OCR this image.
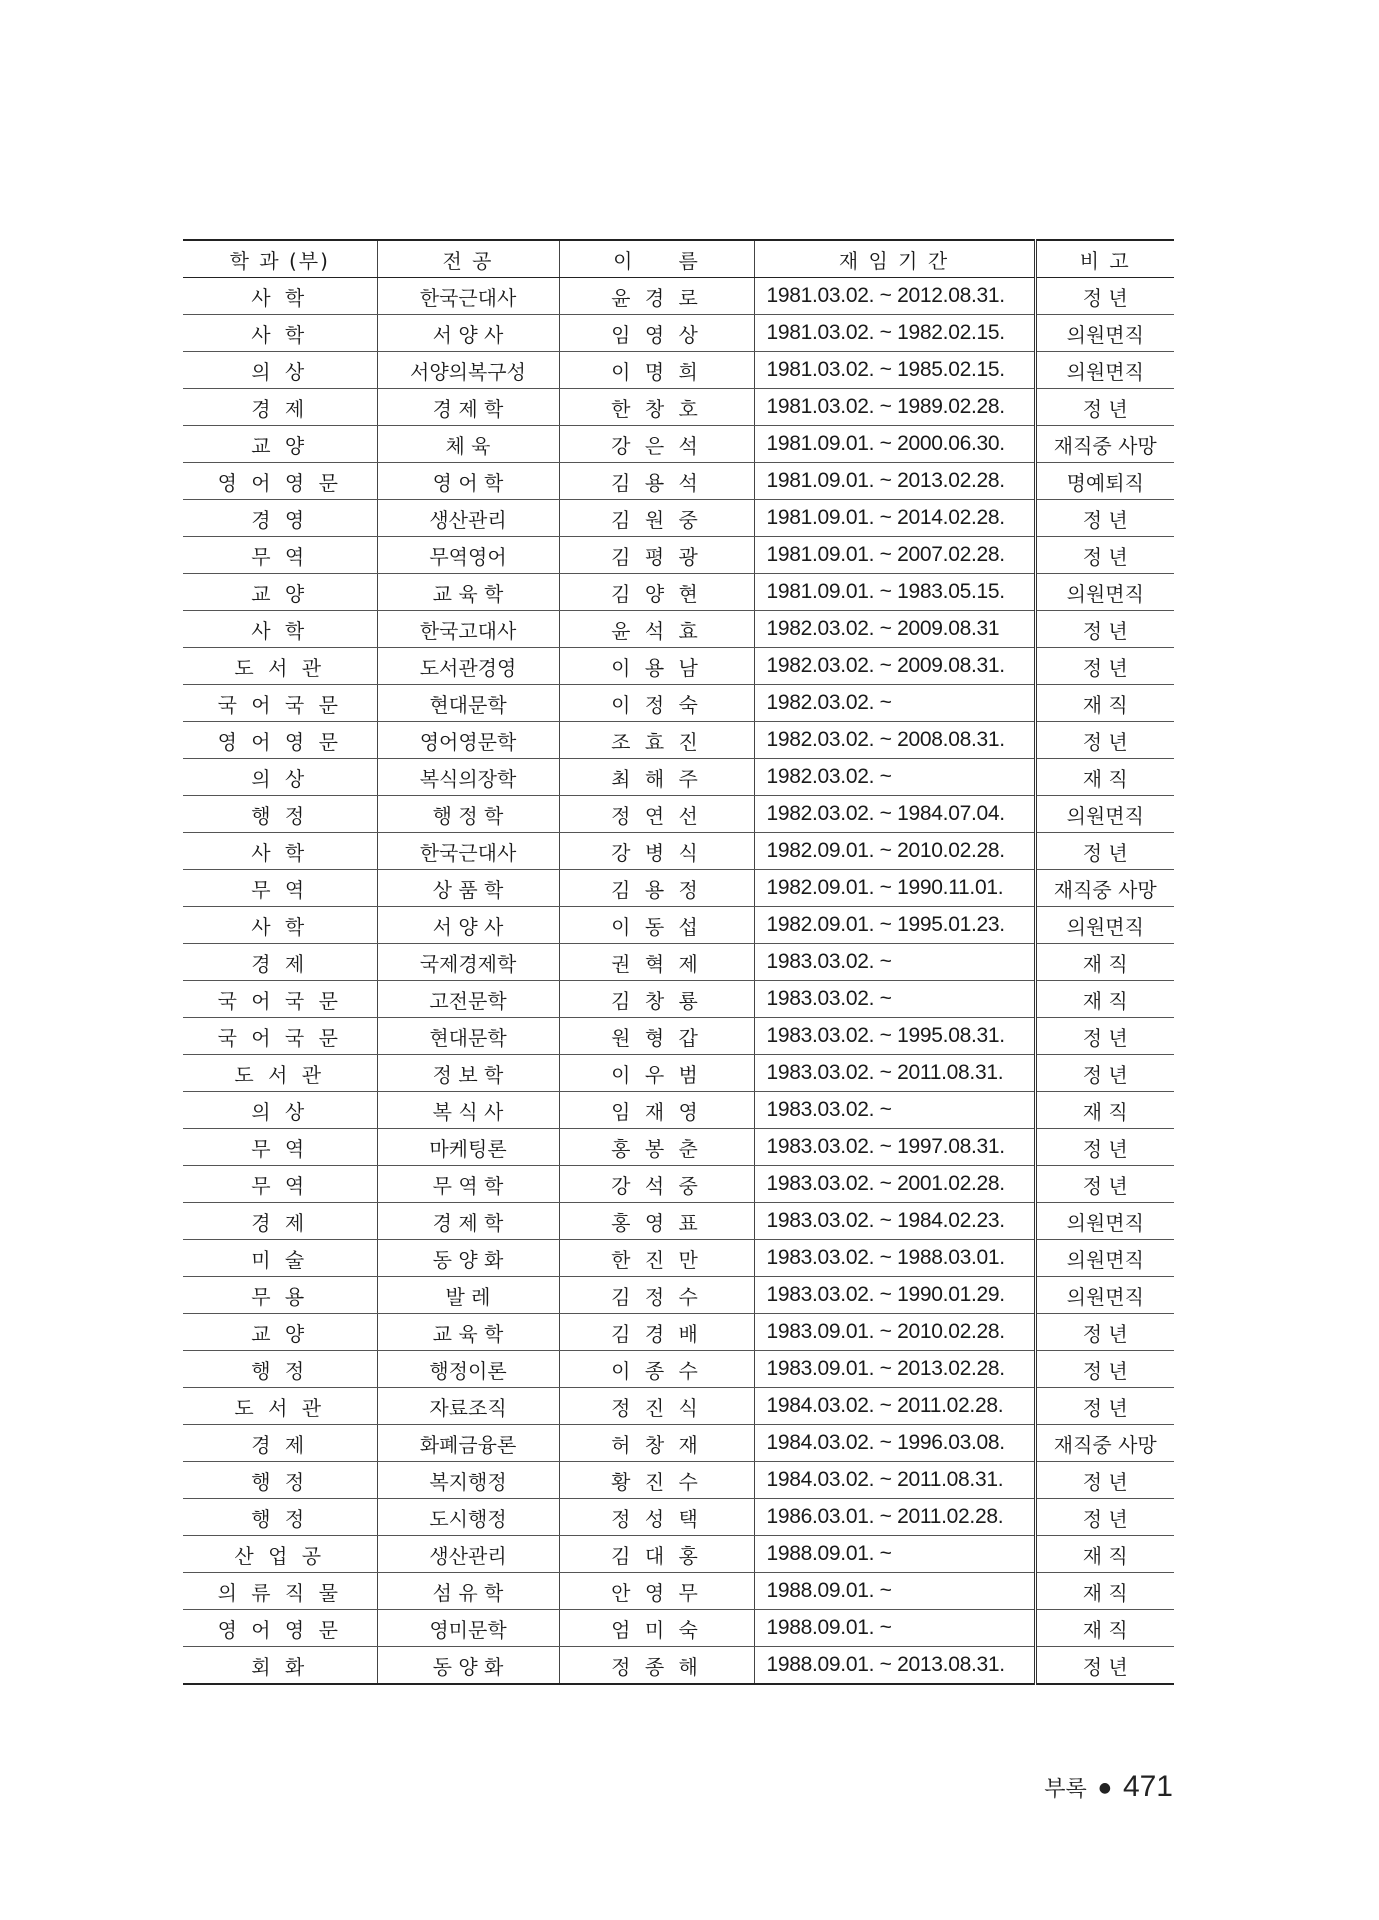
학 과 (부)	전 공	이　　름	재 임 기 간	비 고
사 학	한국근대사	윤 경 로	1981.03.02. ~ 2012.08.31.	정 년
사 학	서 양 사	임 영 상	1981.03.02. ~ 1982.02.15.	의원면직
의 상	서양의복구성	이 명 희	1981.03.02. ~ 1985.02.15.	의원면직
경 제	경 제 학	한 창 호	1981.03.02. ~ 1989.02.28.	정 년
교 양	체 육	강 은 석	1981.09.01. ~ 2000.06.30.	재직중 사망
영 어 영 문	영 어 학	김 용 석	1981.09.01. ~ 2013.02.28.	명예퇴직
경 영	생산관리	김 원 중	1981.09.01. ~ 2014.02.28.	정 년
무 역	무역영어	김 평 광	1981.09.01. ~ 2007.02.28.	정 년
교 양	교 육 학	김 양 현	1981.09.01. ~ 1983.05.15.	의원면직
사 학	한국고대사	윤 석 효	1982.03.02. ~ 2009.08.31	정 년
도 서 관	도서관경영	이 용 남	1982.03.02. ~ 2009.08.31.	정 년
국 어 국 문	현대문학	이 정 숙	1982.03.02. ~	재 직
영 어 영 문	영어영문학	조 효 진	1982.03.02. ~ 2008.08.31.	정 년
의 상	복식의장학	최 해 주	1982.03.02. ~	재 직
행 정	행 정 학	정 연 선	1982.03.02. ~ 1984.07.04.	의원면직
사 학	한국근대사	강 병 식	1982.09.01. ~ 2010.02.28.	정 년
무 역	상 품 학	김 용 정	1982.09.01. ~ 1990.11.01.	재직중 사망
사 학	서 양 사	이 동 섭	1982.09.01. ~ 1995.01.23.	의원면직
경 제	국제경제학	권 혁 제	1983.03.02. ~	재 직
국 어 국 문	고전문학	김 창 룡	1983.03.02. ~	재 직
국 어 국 문	현대문학	원 형 갑	1983.03.02. ~ 1995.08.31.	정 년
도 서 관	정 보 학	이 우 범	1983.03.02. ~ 2011.08.31.	정 년
의 상	복 식 사	임 재 영	1983.03.02. ~	재 직
무 역	마케팅론	홍 봉 춘	1983.03.02. ~ 1997.08.31.	정 년
무 역	무 역 학	강 석 중	1983.03.02. ~ 2001.02.28.	정 년
경 제	경 제 학	홍 영 표	1983.03.02. ~ 1984.02.23.	의원면직
미 술	동 양 화	한 진 만	1983.03.02. ~ 1988.03.01.	의원면직
무 용	발 레	김 정 수	1983.03.02. ~ 1990.01.29.	의원면직
교 양	교 육 학	김 경 배	1983.09.01. ~ 2010.02.28.	정 년
행 정	행정이론	이 종 수	1983.09.01. ~ 2013.02.28.	정 년
도 서 관	자료조직	정 진 식	1984.03.02. ~ 2011.02.28.	정 년
경 제	화폐금융론	허 창 재	1984.03.02. ~ 1996.03.08.	재직중 사망
행 정	복지행정	황 진 수	1984.03.02. ~ 2011.08.31.	정 년
행 정	도시행정	정 성 택	1986.03.01. ~ 2011.02.28.	정 년
산 업 공	생산관리	김 대 홍	1988.09.01. ~	재 직
의 류 직 물	섬 유 학	안 영 무	1988.09.01. ~	재 직
영 어 영 문	영미문학	엄 미 숙	1988.09.01. ~	재 직
회 화	동 양 화	정 종 해	1988.09.01. ~ 2013.08.31.	정 년
부록 ● 471
